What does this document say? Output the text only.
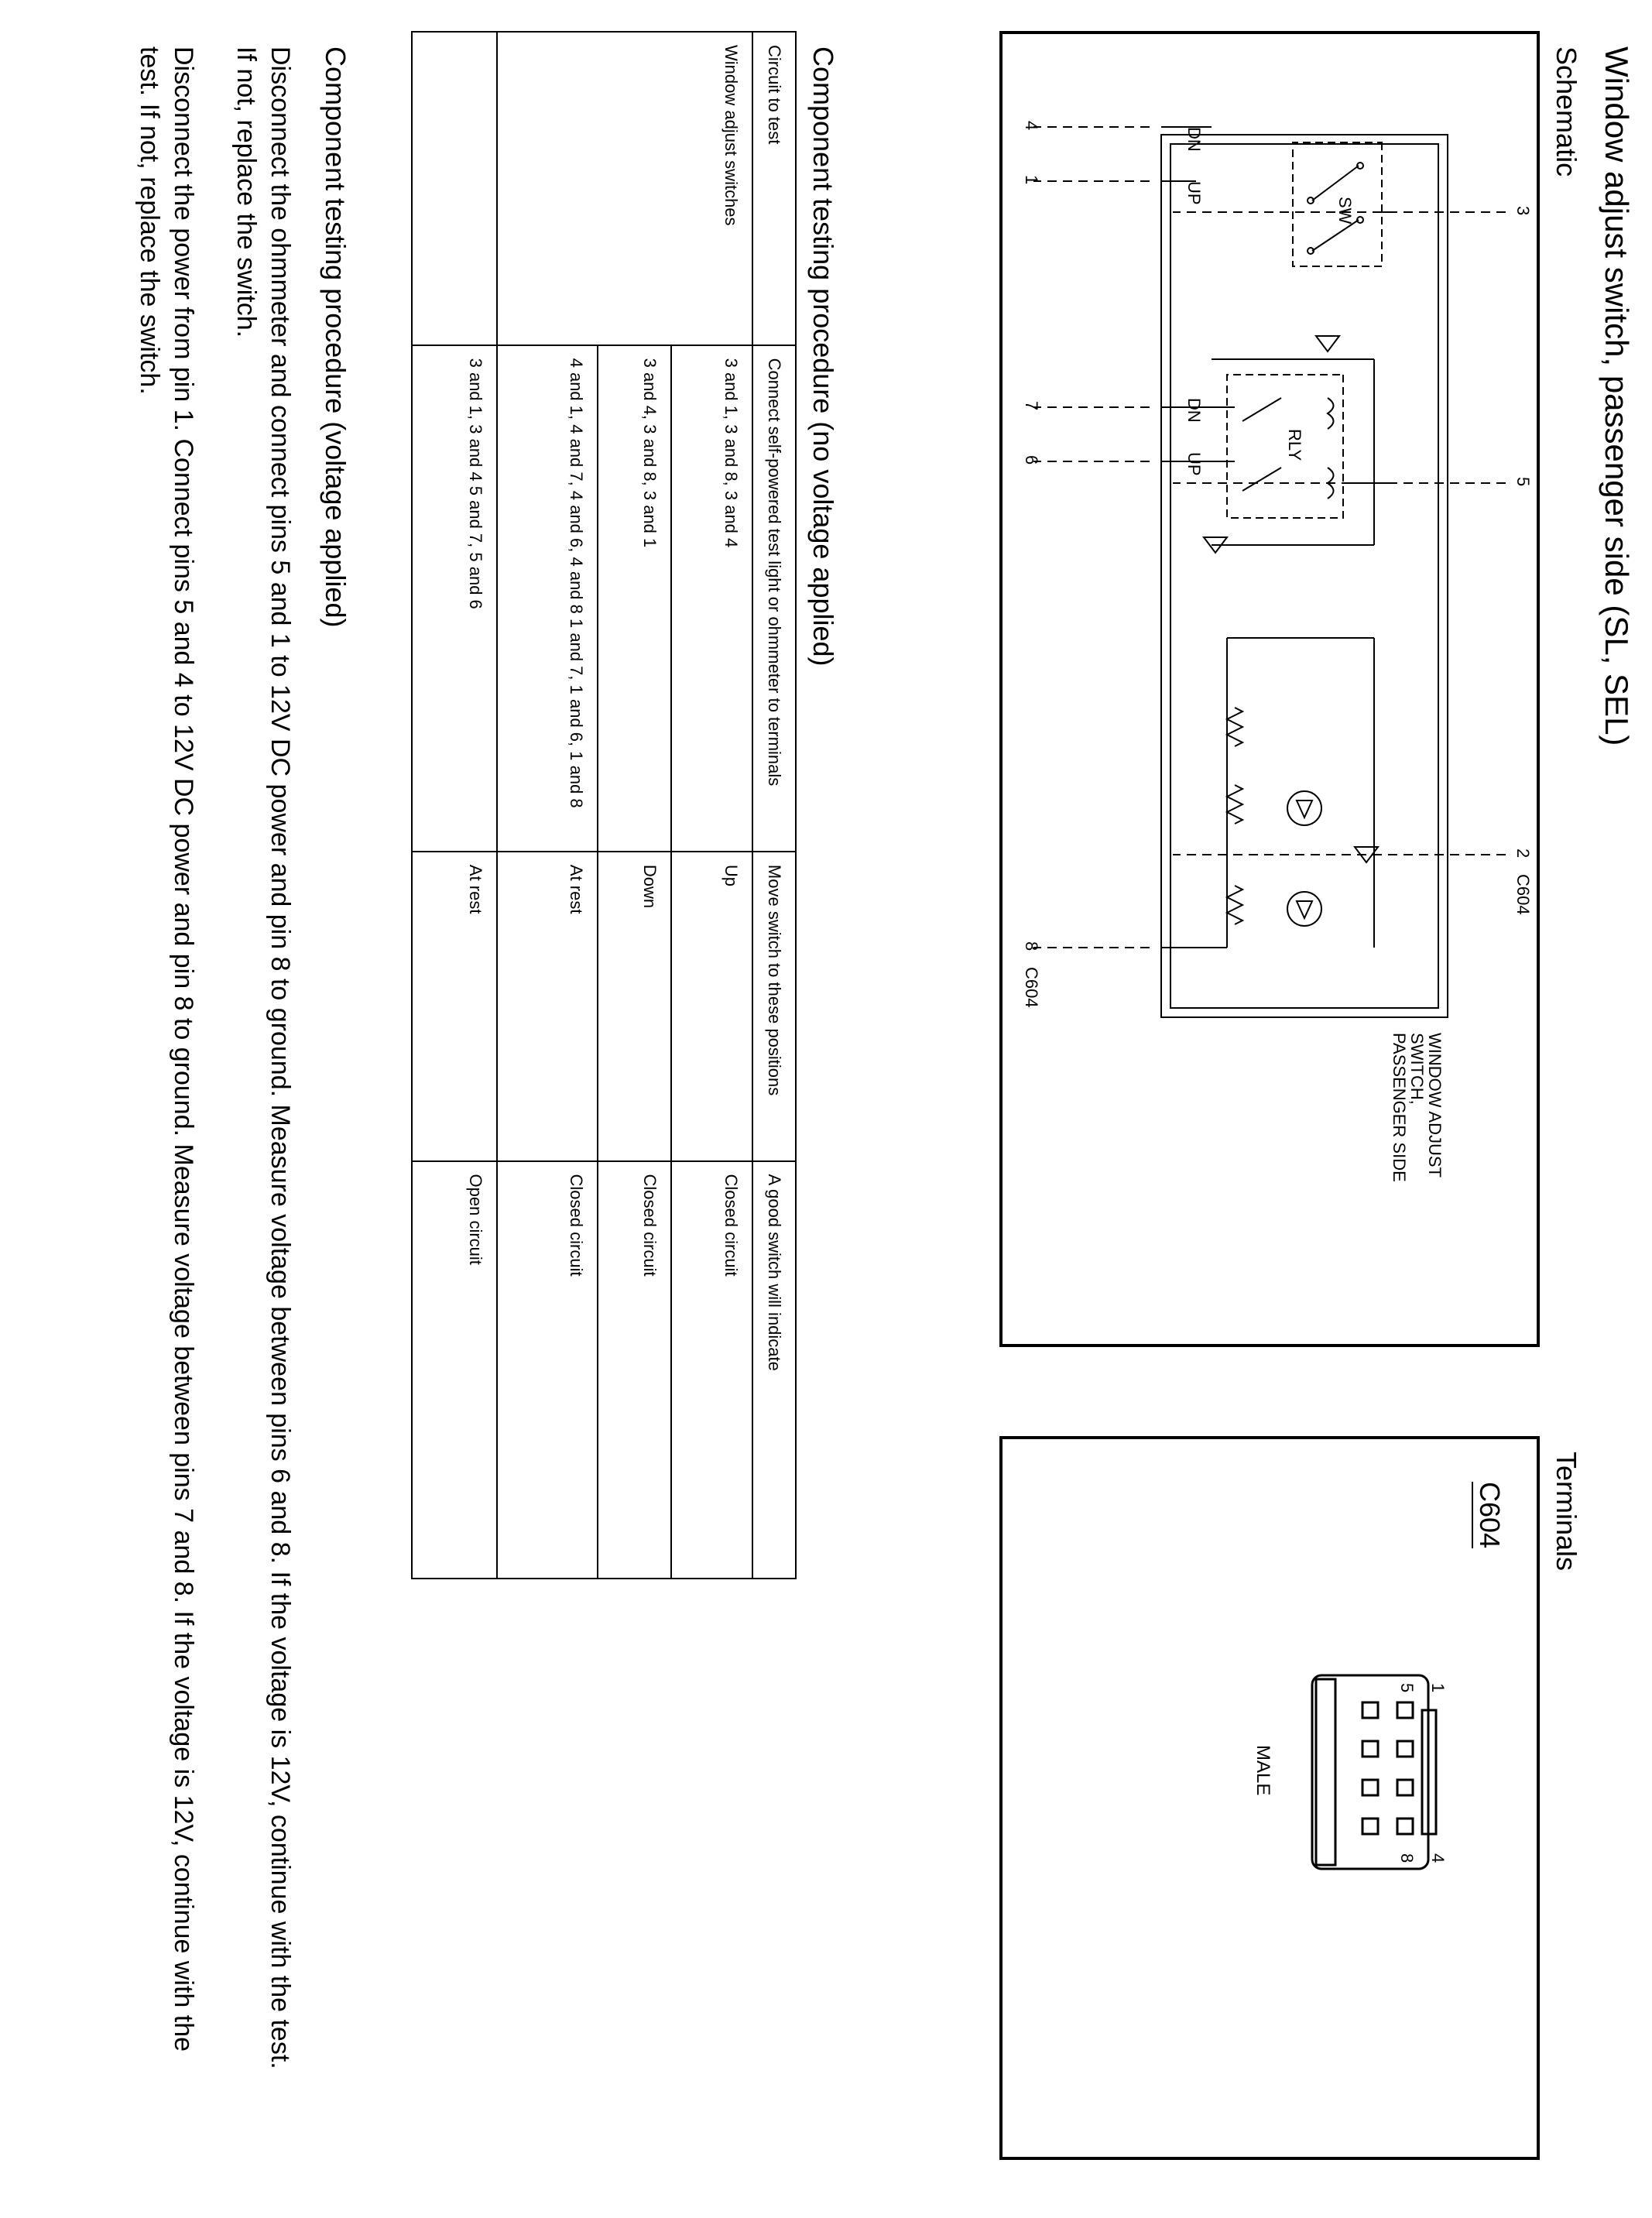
Window adjust switch, passenger side (SL, SEL)
Schematic
Terminals
3
5
2
C604
4
1
7
6
8
C604
SW
RLY
DN
UP
DN
UP
WINDOW ADJUST
SWITCH,
PASSENGER SIDE
C604
1
5
4
8
MALE
Component testing procedure (no voltage applied)
Circuit to test	Connect self-powered test light or ohmmeter to terminals	Move switch to these positions	A good switch will indicate
Window adjust switches	3 and 1, 3 and 8, 3 and 4	Up	Closed circuit
	3 and 4, 3 and 8, 3 and 1	Down	Closed circuit
	4 and 1, 4 and 7, 4 and 6, 4 and 8 1 and 7, 1 and 6, 1 and 8	At rest	Closed circuit
	3 and 1, 3 and 4 5 and 7, 5 and 6	At rest	Open circuit
Component testing procedure (voltage applied)
Disconnect the ohmmeter and connect pins 5 and 1 to 12V DC power and pin 8 to ground. Measure voltage between pins 6 and 8. If the voltage is 12V, continue with the test. If not, replace the switch.
Disconnect the power from pin 1. Connect pins 5 and 4 to 12V DC power and pin 8 to ground. Measure voltage between pins 7 and 8. If the voltage is 12V, continue with the test. If not, replace the switch.
